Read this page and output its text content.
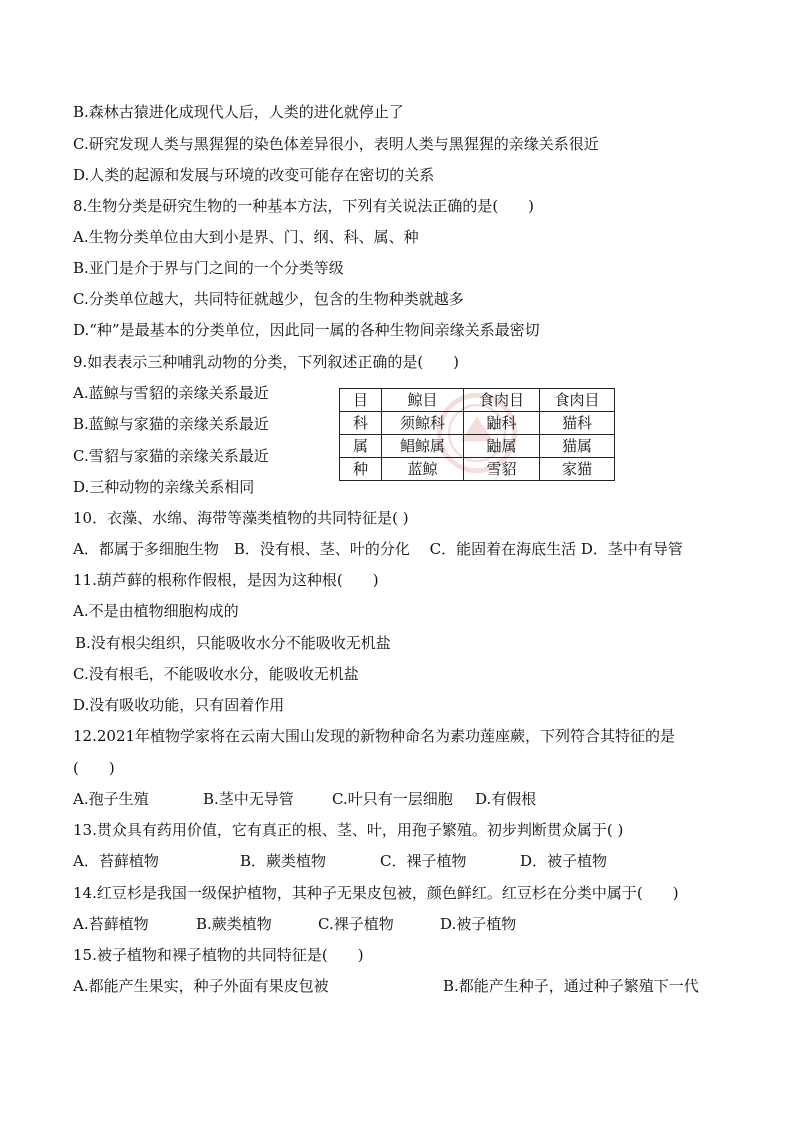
B.森林古猿进化成现代人后，人类的进化就停止了
C.研究发现人类与黑猩猩的染色体差异很小，表明人类与黑猩猩的亲缘关系很近
D.人类的起源和发展与环境的改变可能存在密切的关系
8.生物分类是研究生物的一种基本方法，下列有关说法正确的是(　　)
A.生物分类单位由大到小是界、门、纲、科、属、种
B.亚门是介于界与门之间的一个分类等级
C.分类单位越大，共同特征就越少，包含的生物种类就越多
D.“种”是最基本的分类单位，因此同一属的各种生物间亲缘关系最密切
9.如表表示三种哺乳动物的分类，下列叙述正确的是(　　)
A.蓝鲸与雪貂的亲缘关系最近
B.蓝鲸与家猫的亲缘关系最近
C.雪貂与家猫的亲缘关系最近
D.三种动物的亲缘关系相同
目	鲸目	食肉目	食肉目
科	须鲸科	鼬科	猫科
属	鲳鲸属	鼬属	猫属
种	蓝鲸	雪貂	家猫
10．衣藻、水绵、海带等藻类植物的共同特征是( )
A．都属于多细胞生物　B．没有根、茎、叶的分化　 C．能固着在海底生活 D．茎中有导管
11.葫芦藓的根称作假根，是因为这种根(　　)
A.不是由植物细胞构成的
B.没有根尖组织，只能吸收水分不能吸收无机盐
C.没有根毛，不能吸收水分，能吸收无机盐
D.没有吸收功能，只有固着作用
12.2021年植物学家将在云南大围山发现的新物种命名为素功莲座蕨，下列符合其特征的是
(　　)
A.孢子生殖	B.茎中无导管	C.叶只有一层细胞 D.有假根
13.贯众具有药用价值，它有真正的根、茎、叶，用孢子繁殖。初步判断贯众属于( )
A．苔藓植物	B．蕨类植物	C．裸子植物	D．被子植物
14.红豆杉是我国一级保护植物，其种子无果皮包被，颜色鲜红。红豆杉在分类中属于(　　)
A.苔藓植物	B.蕨类植物	C.裸子植物	D.被子植物
15.被子植物和裸子植物的共同特征是(　　)
A.都能产生果实，种子外面有果皮包被	B.都能产生种子，通过种子繁殖下一代
